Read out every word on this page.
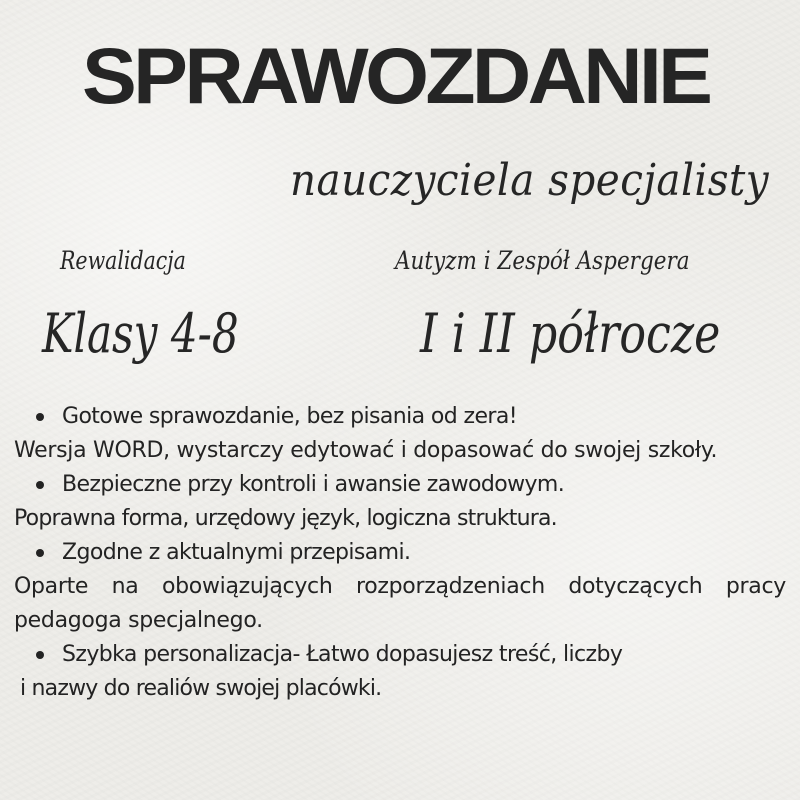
SPRAWOZDANIE
nauczyciela specjalisty
Rewalidacja	Autyzm i Zespół Aspergera
Klasy 4-8	I i II półrocze
Gotowe sprawozdanie, bez pisania od zera!
Wersja WORD, wystarczy edytować i dopasować do swojej szkoły.
Bezpieczne przy kontroli i awansie zawodowym.
Poprawna forma, urzędowy język, logiczna struktura.
Zgodne z aktualnymi przepisami.
Oparte na obowiązujących rozporządzeniach dotyczących pracy pedagoga specjalnego.
Szybka personalizacja- Łatwo dopasujesz treść, liczby
i nazwy do realiów swojej placówki.
